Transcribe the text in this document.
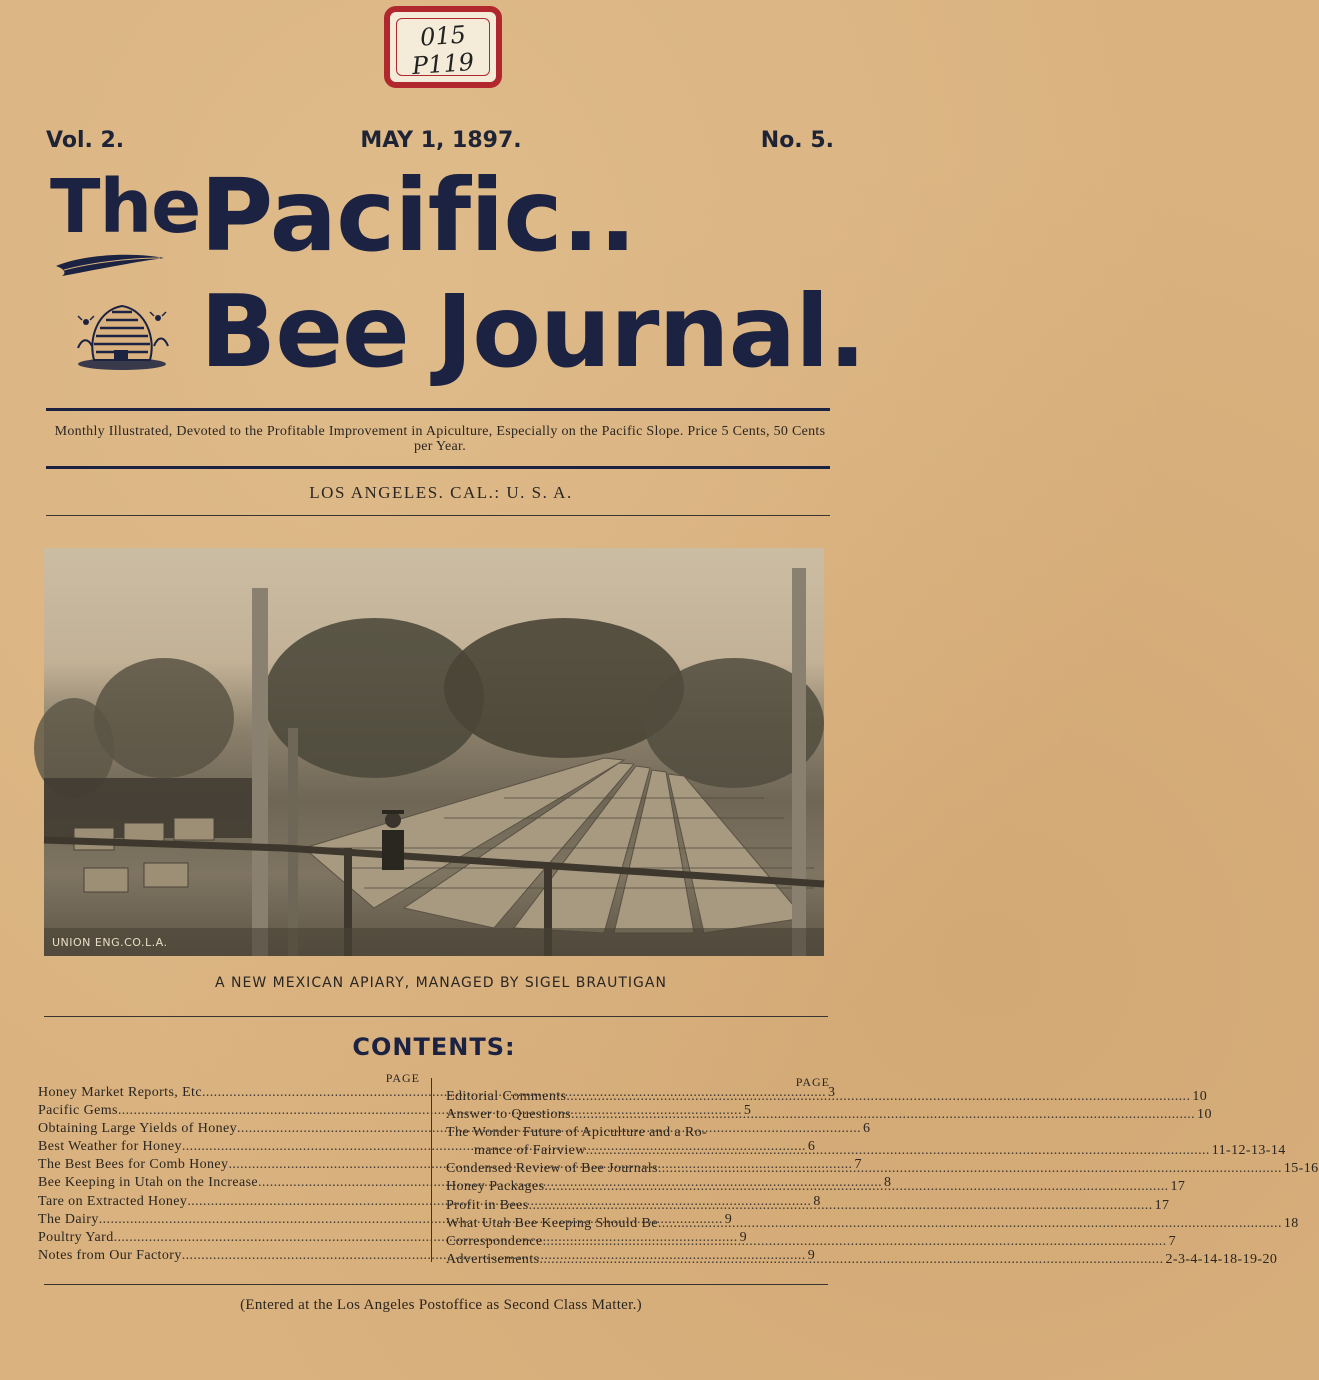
015
P119
Vol. 2.	MAY 1, 1897.	No. 5.
The Pacific..
Bee Journal.
Monthly Illustrated, Devoted to the Profitable Improvement in Apiculture, Especially on the Pacific Slope. Price 5 Cents, 50 Cents per Year.
LOS ANGELES. CAL.: U. S. A.
UNION ENG.CO.L.A.
A NEW MEXICAN APIARY, MANAGED BY SIGEL BRAUTIGAN
CONTENTS:
PAGE
Honey Market Reports, Etc .....	3
Pacific Gems .....	5
Obtaining Large Yields of Honey .....	6
Best Weather for Honey .....	6
The Best Bees for Comb Honey .....	7
Bee Keeping in Utah on the Increase .....	8
Tare on Extracted Honey .....	8
The Dairy .....	9
Poultry Yard .....	9
Notes from Our Factory .....	9
PAGE
Editorial Comments .....	10
Answer to Questions .....	10
The Wonder Future of Apiculture and a Ro-
mance of Fairview .....	11-12-13-14
Condensed Review of Bee Journals .....	15-16
Honey Packages .....	17
Profit in Bees .....	17
What Utah Bee Keeping Should Be .....	18
Correspondence .....	7
Advertisements .....	2-3-4-14-18-19-20
(Entered at the Los Angeles Postoffice as Second Class Matter.)
